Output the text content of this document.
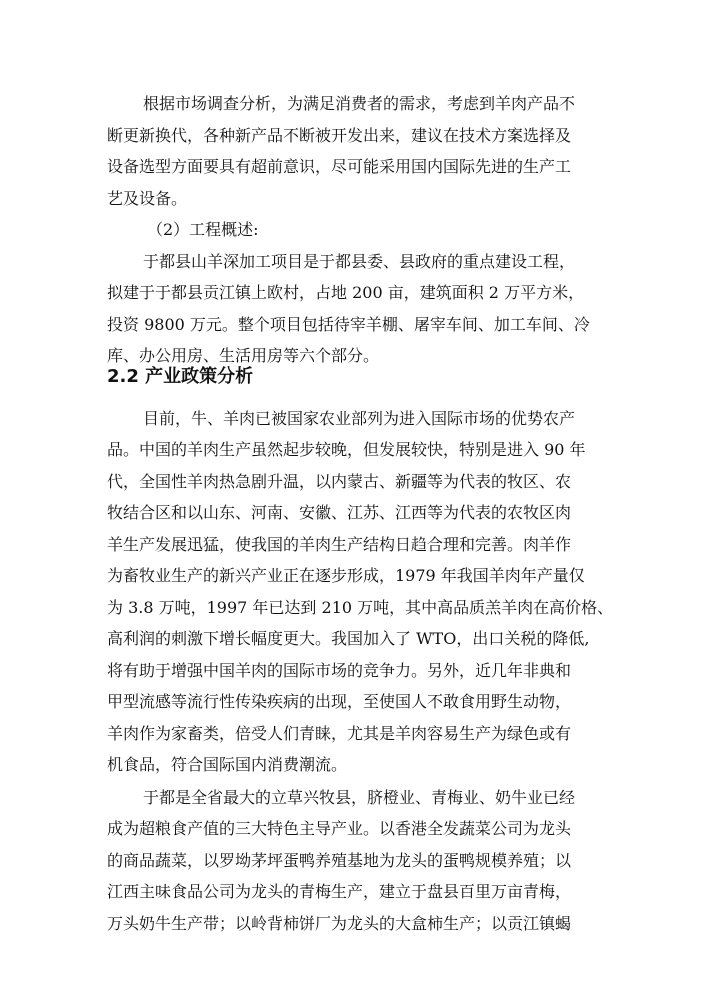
根据市场调查分析，为满足消费者的需求，考虑到羊肉产品不
断更新换代，各种新产品不断被开发出来，建议在技术方案选择及
设备选型方面要具有超前意识，尽可能采用国内国际先进的生产工
艺及设备。
（2）工程概述:
于都县山羊深加工项目是于都县委、县政府的重点建设工程，
拟建于于都县贡江镇上欧村，占地 200 亩，建筑面积 2 万平方米，
投资 9800 万元。整个项目包括待宰羊棚、屠宰车间、加工车间、冷
库、办公用房、生活用房等六个部分。
2.2 产业政策分析
目前，牛、羊肉已被国家农业部列为进入国际市场的优势农产
品。中国的羊肉生产虽然起步较晚，但发展较快，特别是进入 90 年
代，全国性羊肉热急剧升温，以内蒙古、新疆等为代表的牧区、农
牧结合区和以山东、河南、安徽、江苏、江西等为代表的农牧区肉
羊生产发展迅猛，使我国的羊肉生产结构日趋合理和完善。肉羊作
为畜牧业生产的新兴产业正在逐步形成，1979 年我国羊肉年产量仅
为 3.8 万吨，1997 年已达到 210 万吨，其中高品质羔羊肉在高价格、
高利润的刺激下增长幅度更大。我国加入了 WTO，出口关税的降低,
将有助于增强中国羊肉的国际市场的竞争力。另外，近几年非典和
甲型流感等流行性传染疾病的出现，至使国人不敢食用野生动物，
羊肉作为家畜类，倍受人们青睐，尤其是羊肉容易生产为绿色或有
机食品，符合国际国内消费潮流。
于都是全省最大的立草兴牧县，脐橙业、青梅业、奶牛业已经
成为超粮食产值的三大特色主导产业。以香港全发蔬菜公司为龙头
的商品蔬菜，以罗坳茅坪蛋鸭养殖基地为龙头的蛋鸭规模养殖；以
江西主味食品公司为龙头的青梅生产，建立于盘县百里万亩青梅，
万头奶牛生产带；以岭背柿饼厂为龙头的大盒柿生产；以贡江镇蝎
